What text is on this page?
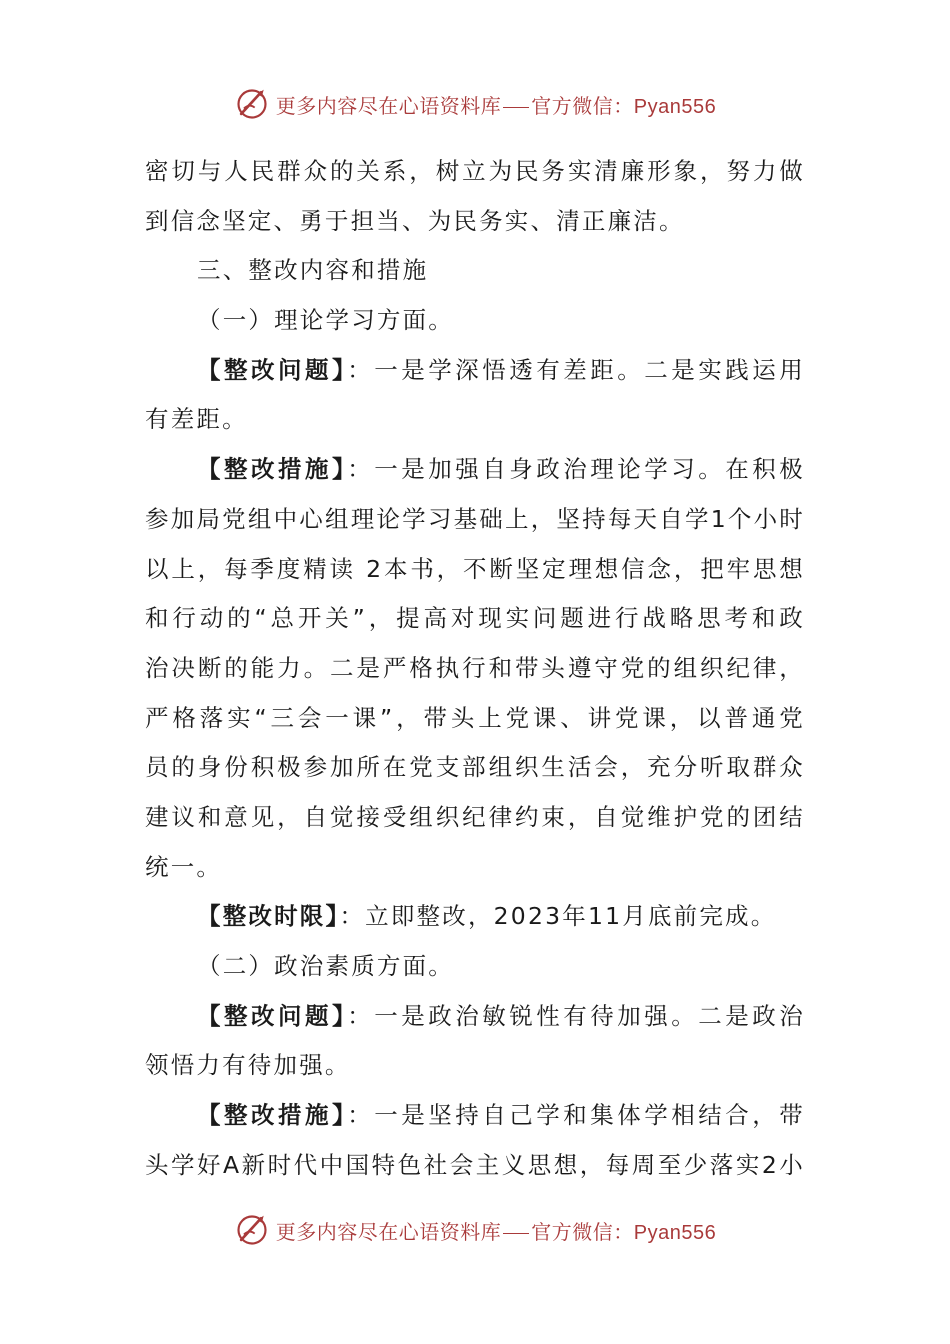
更多内容尽在心语资料库 官方微信：Pyan556
密切与人民群众的关系，树立为民务实清廉形象，努力做
到信念坚定、勇于担当、为民务实、清正廉洁。
三、整改内容和措施
（一）理论学习方面。
【整改问题】：一是学深悟透有差距。二是实践运用
有差距。
【整改措施】：一是加强自身政治理论学习。在积极
参加局党组中心组理论学习基础上，坚持每天自学1个小时
以上，每季度精读 2本书，不断坚定理想信念，把牢思想
和行动的“总开关”，提高对现实问题进行战略思考和政
治决断的能力。二是严格执行和带头遵守党的组织纪律，
严格落实“三会一课”，带头上党课、讲党课，以普通党
员的身份积极参加所在党支部组织生活会，充分听取群众
建议和意见，自觉接受组织纪律约束，自觉维护党的团结
统一。
【整改时限】：立即整改，2023年11月底前完成。
（二）政治素质方面。
【整改问题】：一是政治敏锐性有待加强。二是政治
领悟力有待加强。
【整改措施】：一是坚持自己学和集体学相结合，带
头学好A新时代中国特色社会主义思想，每周至少落实2小
更多内容尽在心语资料库 官方微信：Pyan556
